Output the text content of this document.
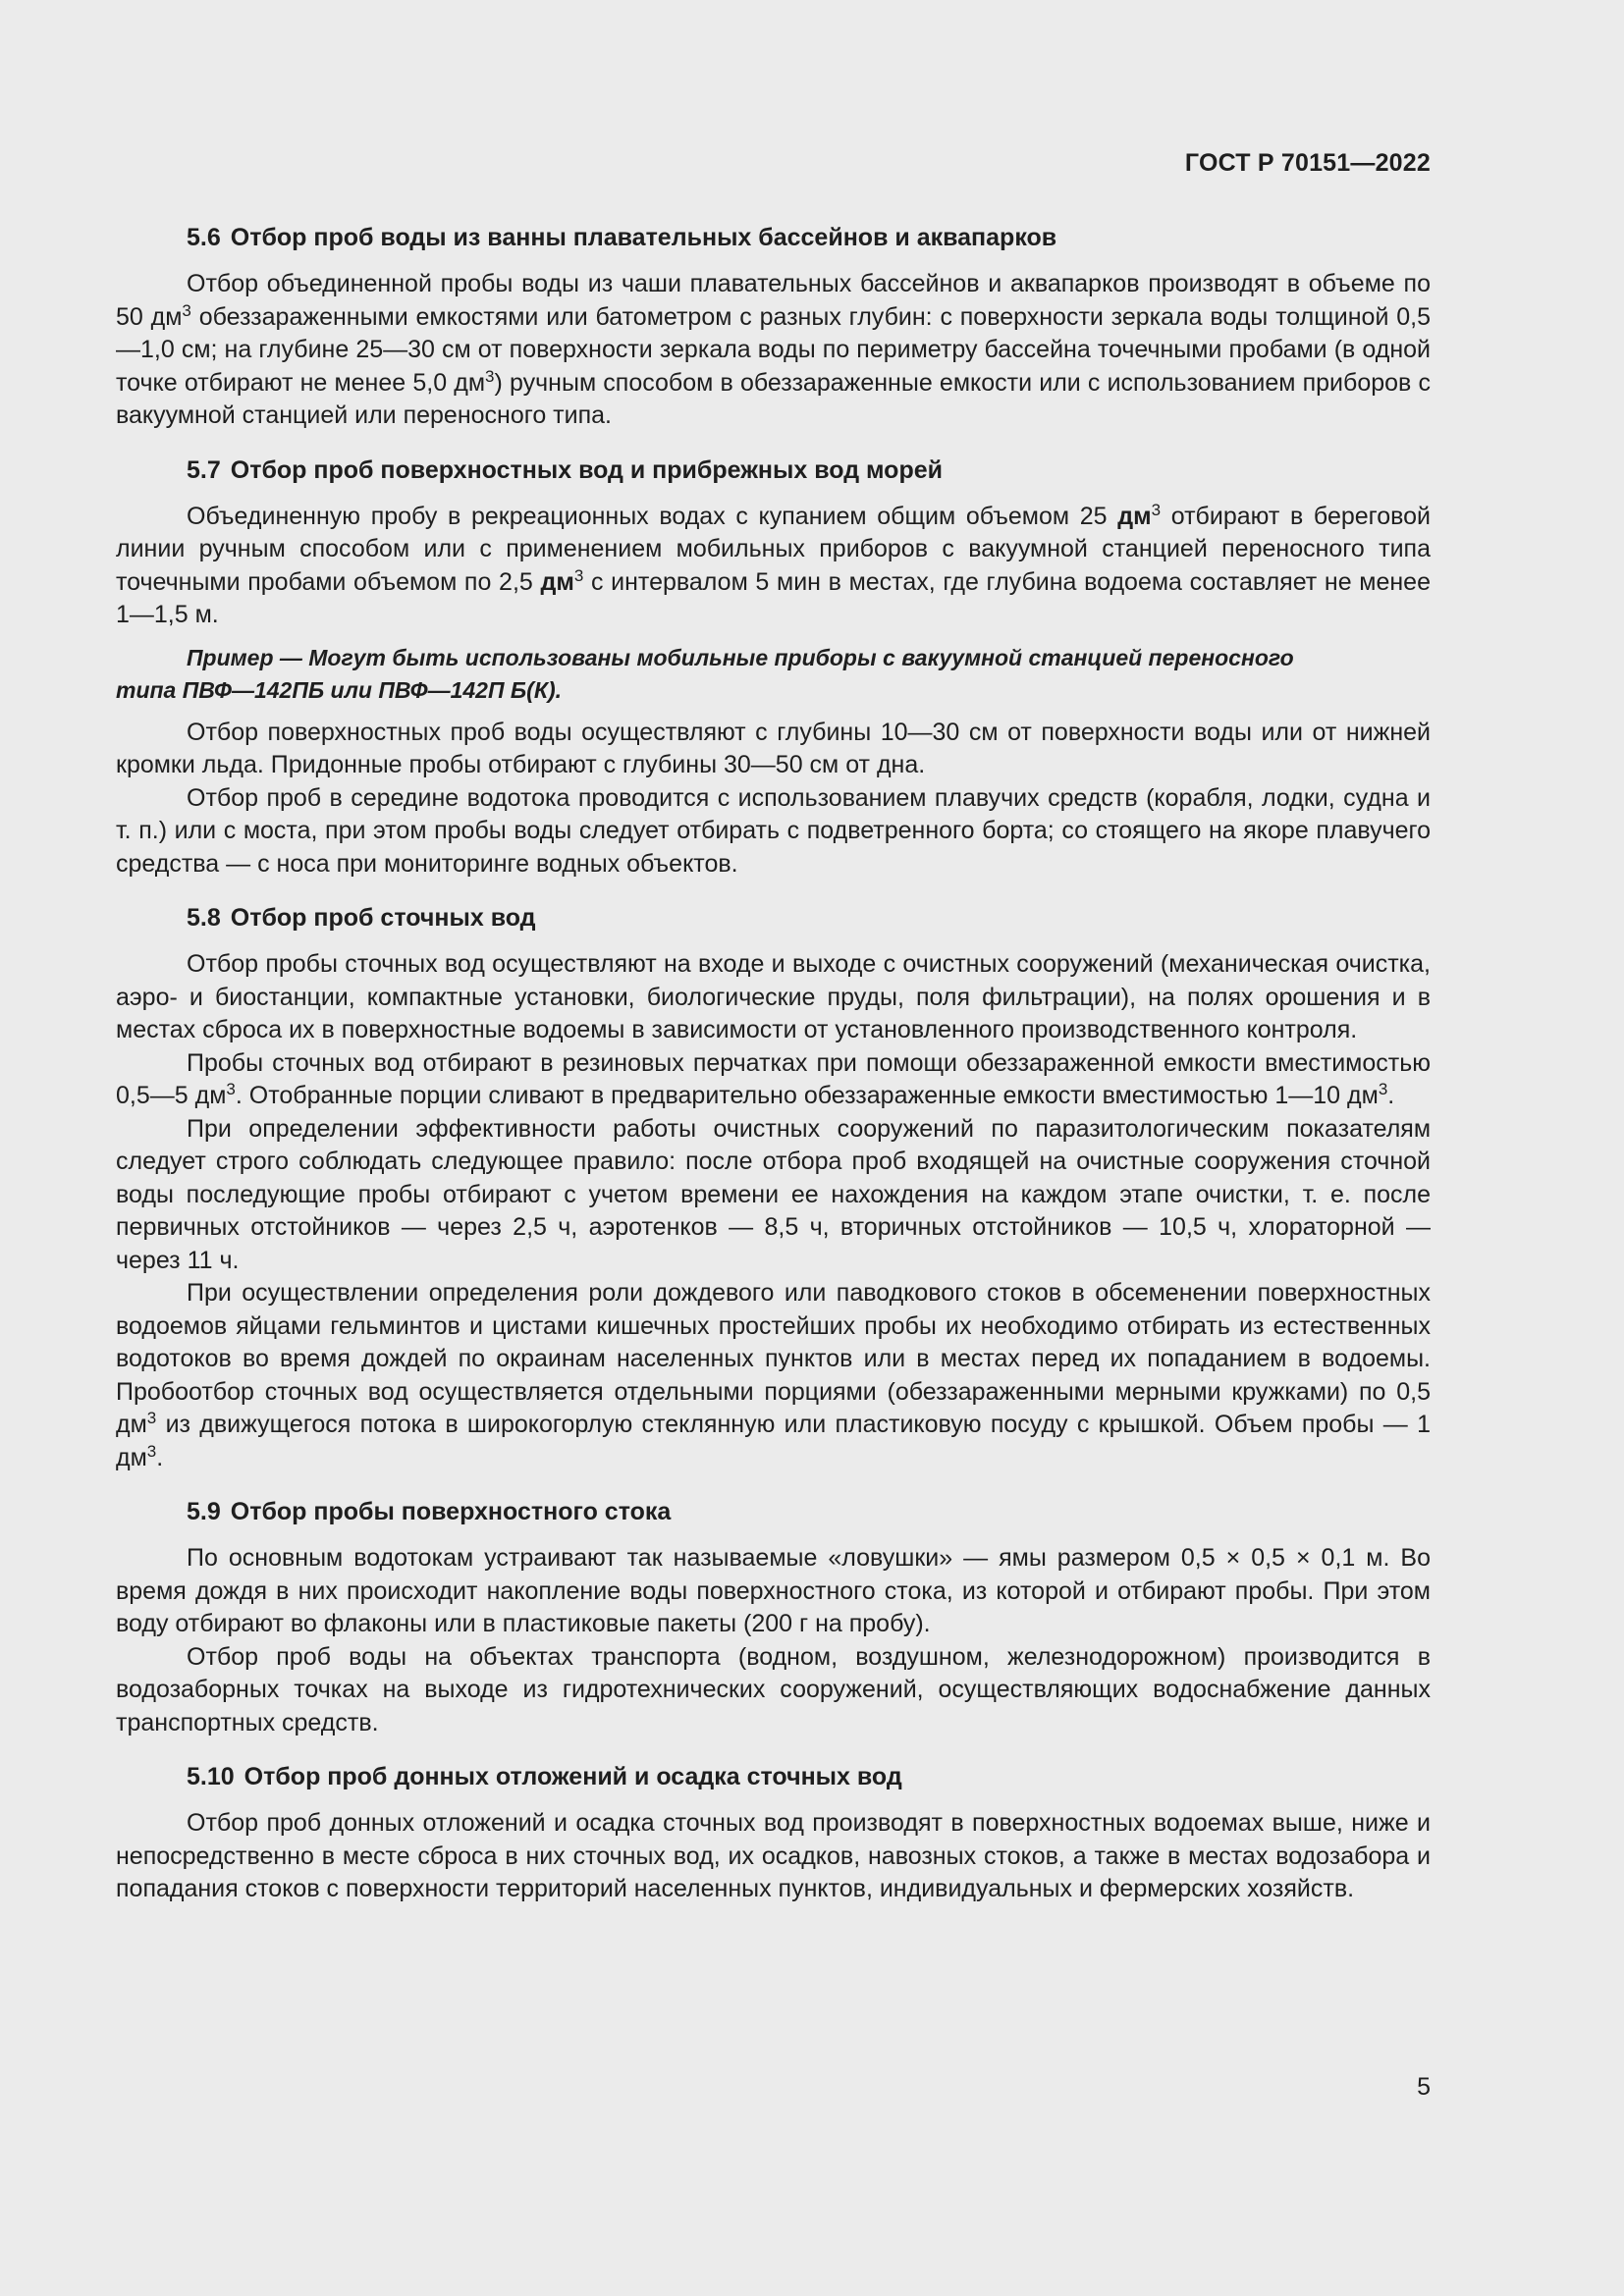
ГОСТ Р 70151—2022
5.6 Отбор проб воды из ванны плавательных бассейнов и аквапарков

Отбор объединенной пробы воды из чаши плавательных бассейнов и аквапарков производят в объеме по 50 $дм^3$ обеззараженными емкостями или батометром с разных глубин: с поверхности зеркала воды толщиной 0,5—1,0 см; на глубине 25—30 см от поверхности зеркала воды по периметру бассейна точечными пробами (в одной точке отбирают не менее 5,0 $дм^3$) ручным способом в обеззараженные емкости или с использованием приборов с вакуумной станцией или переносного типа.

5.7 Отбор проб поверхностных вод и прибрежных вод морей

Объединенную пробу в рекреационных водах с купанием общим объемом 25 $дм^3$ отбирают в береговой линии ручным способом или с применением мобильных приборов с вакуумной станцией переносного типа точечными пробами объемом по 2,5 $дм^3$ с интервалом 5 мин в местах, где глубина водоема составляет не менее 1—1,5 м.

Пример — Могут быть использованы мобильные приборы с вакуумной станцией переносного
типа ПВФ—142ПБ или ПВФ—142П Б(К).

Отбор поверхностных проб воды осуществляют с глубины 10—30 см от поверхности воды или от нижней кромки льда. Придонные пробы отбирают с глубины 30—50 см от дна.

Отбор проб в середине водотока проводится с использованием плавучих средств (корабля, лодки, судна и т. п.) или с моста, при этом пробы воды следует отбирать с подветренного борта; со стоящего на якоре плавучего средства — с носа при мониторинге водных объектов.

5.8 Отбор проб сточных вод

Отбор пробы сточных вод осуществляют на входе и выходе с очистных сооружений (механическая очистка, аэро- и биостанции, компактные установки, биологические пруды, поля фильтрации), на полях орошения и в местах сброса их в поверхностные водоемы в зависимости от установленного производственного контроля.

Пробы сточных вод отбирают в резиновых перчатках при помощи обеззараженной емкости вместимостью 0,5—5 $дм^3$. Отобранные порции сливают в предварительно обеззараженные емкости вместимостью 1—10 $дм^3$.

При определении эффективности работы очистных сооружений по паразитологическим показателям следует строго соблюдать следующее правило: после отбора проб входящей на очистные сооружения сточной воды последующие пробы отбирают с учетом времени ее нахождения на каждом этапе очистки, т. е. после первичных отстойников — через 2,5 ч, аэротенков — 8,5 ч, вторичных отстойников — 10,5 ч, хлораторной — через 11 ч.

При осуществлении определения роли дождевого или паводкового стоков в обсеменении поверхностных водоемов яйцами гельминтов и цистами кишечных простейших пробы их необходимо отбирать из естественных водотоков во время дождей по окраинам населенных пунктов или в местах перед их попаданием в водоемы. Пробоотбор сточных вод осуществляется отдельными порциями (обеззараженными мерными кружками) по 0,5 $дм^3$ из движущегося потока в широкогорлую стеклянную или пластиковую посуду с крышкой. Объем пробы — 1 $дм^3$.

5.9 Отбор пробы поверхностного стока

По основным водотокам устраивают так называемые «ловушки» — ямы размером 0,5 × 0,5 × 0,1 м. Во время дождя в них происходит накопление воды поверхностного стока, из которой и отбирают пробы. При этом воду отбирают во флаконы или в пластиковые пакеты (200 г на пробу).

Отбор проб воды на объектах транспорта (водном, воздушном, железнодорожном) производится в водозаборных точках на выходе из гидротехнических сооружений, осуществляющих водоснабжение данных транспортных средств.

5.10 Отбор проб донных отложений и осадка сточных вод

Отбор проб донных отложений и осадка сточных вод производят в поверхностных водоемах выше, ниже и непосредственно в месте сброса в них сточных вод, их осадков, навозных стоков, а также в местах водозабора и попадания стоков с поверхности территорий населенных пунктов, индивидуальных и фермерских хозяйств.

5
